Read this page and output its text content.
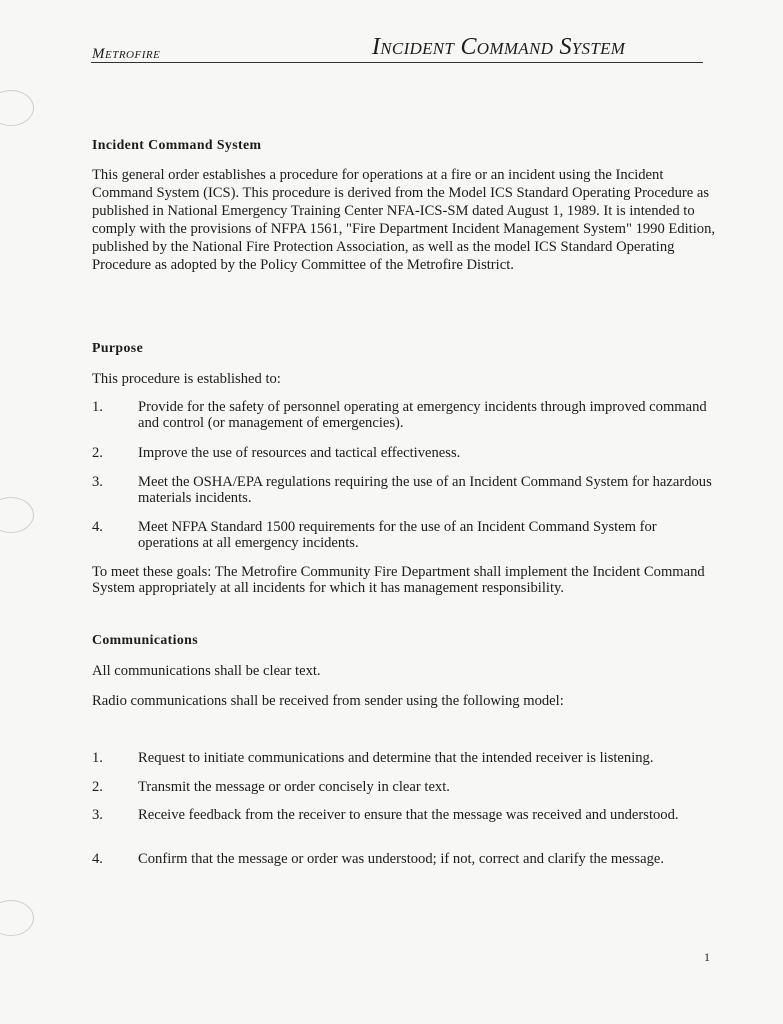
Metrofire	Incident Command System
Incident Command System
This general order establishes a procedure for operations at a fire or an incident using the Incident Command System (ICS). This procedure is derived from the Model ICS Standard Operating Procedure as published in National Emergency Training Center NFA-ICS-SM dated August 1, 1989. It is intended to comply with the provisions of NFPA 1561, "Fire Department Incident Management System" 1990 Edition, published by the National Fire Protection Association, as well as the model ICS Standard Operating Procedure as adopted by the Policy Committee of the Metrofire District.
Purpose
This procedure is established to:
1.	Provide for the safety of personnel operating at emergency incidents through improved command and control (or management of emergencies).
2.	Improve the use of resources and tactical effectiveness.
3.	Meet the OSHA/EPA regulations requiring the use of an Incident Command System for hazardous materials incidents.
4.	Meet NFPA Standard 1500 requirements for the use of an Incident Command System for operations at all emergency incidents.
To meet these goals: The Metrofire Community Fire Department shall implement the Incident Command System appropriately at all incidents for which it has management responsibility.
Communications
All communications shall be clear text.
Radio communications shall be received from sender using the following model:
1.	Request to initiate communications and determine that the intended receiver is listening.
2.	Transmit the message or order concisely in clear text.
3.	Receive feedback from the receiver to ensure that the message was received and understood.
4.	Confirm that the message or order was understood; if not, correct and clarify the message.
1
